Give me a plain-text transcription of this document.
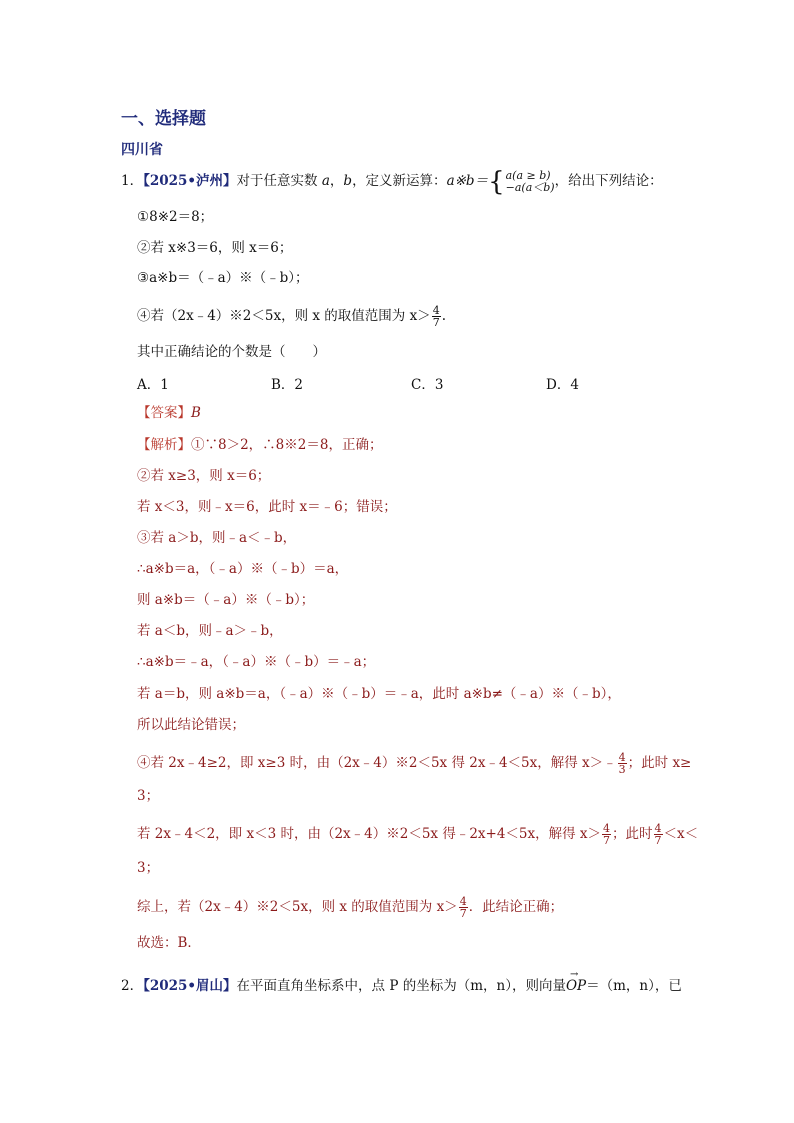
一、选择题
四川省
1．【2025•泸州】对于任意实数 a，b，定义新运算：a※b＝{ a(a ≥ b)
−a(a＜b) ，给出下列结论：
①8※2＝8；
②若 x※3＝6，则 x＝6；
③a※b＝（﹣a）※（﹣b）；
④若（2x﹣4）※2＜5x，则 x 的取值范围为 $x> \frac{4}{7}$ .
其中正确结论的个数是（　　）
A．1	B．2	C．3	D．4
【答案】B
【解析】①∵8＞2，∴8※2＝8，正确；
②若 x≥3，则 x＝6；
若 x＜3，则﹣x＝6，此时 x＝﹣6；错误；
③若 a＞b，则﹣a＜﹣b，
∴a※b＝a，（﹣a）※（﹣b）＝a，
则 a※b＝（﹣a）※（﹣b）；
若 a＜b，则﹣a＞﹣b，
∴a※b＝﹣a，（﹣a）※（﹣b）＝﹣a；
若 a＝b，则 a※b＝a，（﹣a）※（﹣b）＝﹣a，此时 a※b≠（﹣a）※（﹣b），
所以此结论错误；
④若 2x﹣4≥2，即 x≥3 时，由（2x﹣4）※2＜5x 得 2x﹣4＜5x，解得 x＞﹣ $\frac{4}{3}$ ；此时 x≥
3；
若 2x﹣4＜2，即 x＜3 时，由（2x﹣4）※2＜5x 得﹣2x+4＜5x，解得 $x> \frac{4}{7}$ ；此时 $\frac{4}{7} <x<$
3；
综上，若（2x﹣4）※2＜5x，则 x 的取值范围为 $x> \frac{4}{7}$ ．此结论正确；
故选：B．
2．【2025•眉山】在平面直角坐标系中，点 P 的坐标为（m，n），则向量→ OP＝（m，n），已
